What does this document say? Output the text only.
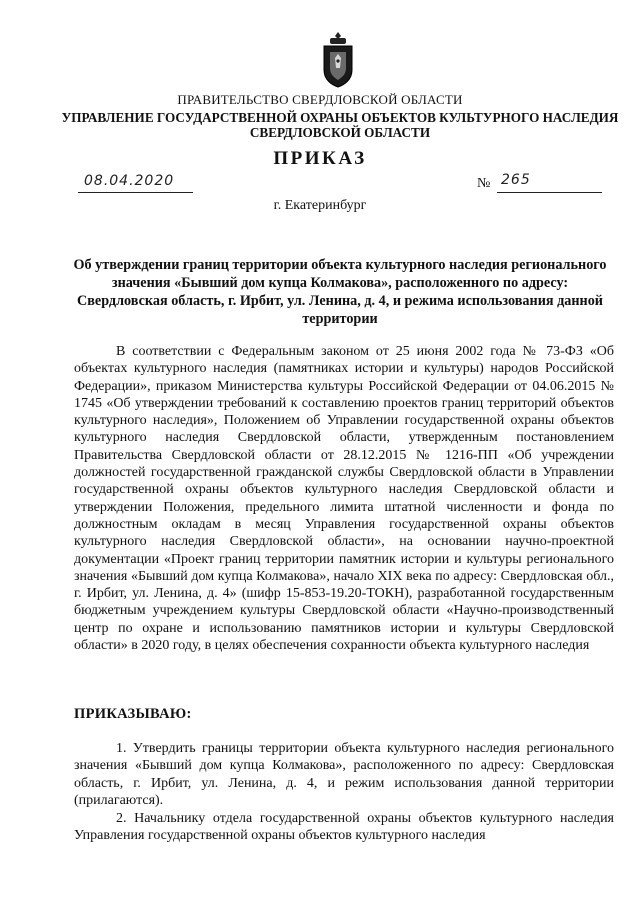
ПРАВИТЕЛЬСТВО СВЕРДЛОВСКОЙ ОБЛАСТИ
УПРАВЛЕНИЕ ГОСУДАРСТВЕННОЙ ОХРАНЫ ОБЪЕКТОВ КУЛЬТУРНОГО НАСЛЕДИЯ СВЕРДЛОВСКОЙ ОБЛАСТИ
ПРИКАЗ
08.04.2020	№ 265
г. Екатеринбург
Об утверждении границ территории объекта культурного наследия регионального значения «Бывший дом купца Колмакова», расположенного по адресу: Свердловская область, г. Ирбит, ул. Ленина, д. 4, и режима использования данной территории
В соответствии с Федеральным законом от 25 июня 2002 года № 73-ФЗ «Об объектах культурного наследия (памятниках истории и культуры) народов Российской Федерации», приказом Министерства культуры Российской Федерации от 04.06.2015 № 1745 «Об утверждении требований к составлению проектов границ территорий объектов культурного наследия», Положением об Управлении государственной охраны объектов культурного наследия Свердловской области, утвержденным постановлением Правительства Свердловской области от 28.12.2015 № 1216-ПП «Об учреждении должностей государственной гражданской службы Свердловской области в Управлении государственной охраны объектов культурного наследия Свердловской области и утверждении Положения, предельного лимита штатной численности и фонда по должностным окладам в месяц Управления государственной охраны объектов культурного наследия Свердловской области», на основании научно-проектной документации «Проект границ территории памятник истории и культуры регионального значения «Бывший дом купца Колмакова», начало XIX века по адресу: Свердловская обл., г. Ирбит, ул. Ленина, д. 4» (шифр 15-853-19.20-ТОКН), разработанной государственным бюджетным учреждением культуры Свердловской области «Научно-производственный центр по охране и использованию памятников истории и культуры Свердловской области» в 2020 году, в целях обеспечения сохранности объекта культурного наследия
ПРИКАЗЫВАЮ:
1. Утвердить границы территории объекта культурного наследия регионального значения «Бывший дом купца Колмакова», расположенного по адресу: Свердловская область, г. Ирбит, ул. Ленина, д. 4, и режим использования данной территории (прилагаются).
2. Начальнику отдела государственной охраны объектов культурного наследия Управления государственной охраны объектов культурного наследия
